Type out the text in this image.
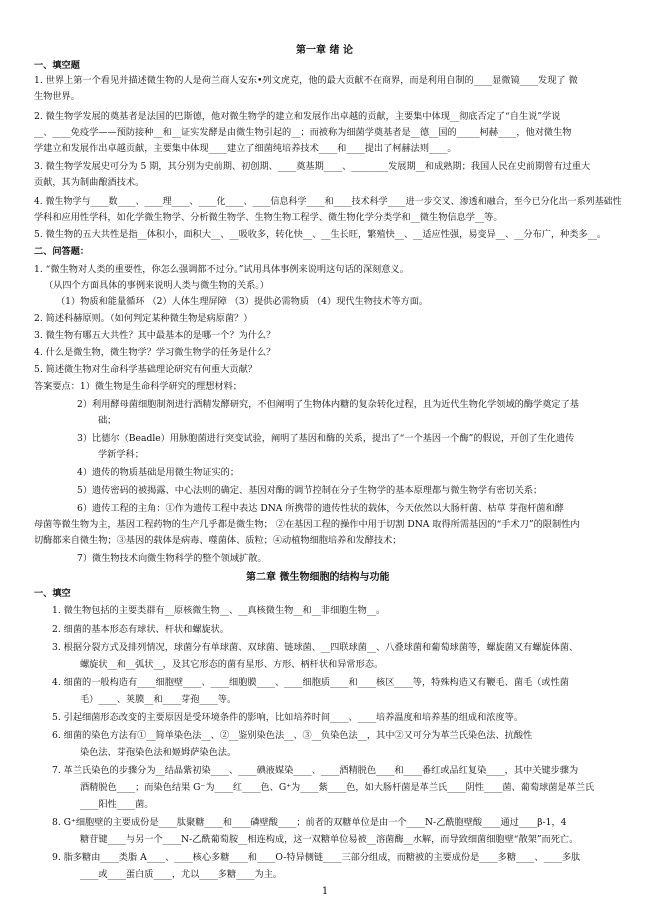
第一章 绪 论
一、填空题
1. 世界上第一个看见并描述微生物的人是荷兰商人安东•列文虎克，他的最大贡献不在商界，而是利用自制的____显微镜____发现了 微
生物世界。
2. 微生物学发展的奠基者是法国的巴斯德，他对微生物学的建立和发展作出卓越的贡献，主要集中体现__彻底否定了“自生说”学说
__、____免疫学——预防接种__和__证实发酵是由微生物引起的__；而被称为细菌学奠基者是__德__国的_____柯赫____，他对微生物
学建立和发展作出卓越贡献，主要集中体现____建立了细菌纯培养技术____和____提出了柯赫法则____。
3. 微生物学发展史可分为 5 期，其分别为史前期、初创期、____奠基期____、________发展期__和成熟期；我国人民在史前期曾有过重大
贡献，其为制曲酿酒技术。
4. 微生物学与____数____、____理____、____化____、____信息科学____和____技术科学____进一步交叉、渗透和融合，至今已分化出一系列基础性
学科和应用性学科，如化学微生物学、分析微生物学、生物生物工程学、微生物化学分类学和__微生物信息学__等。
5. 微生物的五大共性是指__体积小，面积大__、__吸收多，转化快__、__生长旺，繁殖快__、__适应性强，易变异__、__分布广，种类多__。
二、问答题：
1. “微生物对人类的重要性，你怎么强调都不过分。”试用具体事例来说明这句话的深刻意义。
（从四个方面具体的事例来说明人类与微生物的关系。）
（1）物质和能量循环 （2）人体生理屏障 （3）提供必需物质 （4）现代生物技术等方面。
2. 简述科赫原则。（如何判定某种微生物是病原菌？）
3. 微生物有哪五大共性？其中最基本的是哪一个？为什么？
4. 什么是微生物，微生物学？学习微生物学的任务是什么？
5. 简述微生物对生命科学基础理论研究有何重大贡献？
答案要点：1）微生物是生命科学研究的理想材料；
2）利用酵母菌细胞制剂进行酒精发酵研究，不但阐明了生物体内糖的复杂转化过程，且为近代生物化学领域的酶学奠定了基
础；
3）比德尔（Beadle）用脉胞菌进行突变试验，阐明了基因和酶的关系，提出了“一个基因一个酶”的假说，开创了生化遗传
学新学科；
4）遗传的物质基础是用微生物证实的；
5）遗传密码的被揭露、中心法则的确定、基因对酶的调节控制在分子生物学的基本原理都与微生物学有密切关系；
6）遗传工程的主角：①作为遗传工程中表达 DNA 所携带的遗传性状的载体，今天依然以大肠杆菌、枯草 芽孢杆菌和酵
母菌等微生物为主，基因工程药物的生产几乎都是微生物； ②在基因工程的操作中用于切割 DNA 取得所需基因的“手术刀”的限制性内
切酶都来自微生物；③基因的载体是病毒、噬菌体、质粒；④动植物细胞培养和发酵技术；
7）微生物技术向微生物科学的整个领域扩散。
第二章 微生物细胞的结构与功能
一、填空
1. 微生物包括的主要类群有__原核微生物__、__真核微生物__和__非细胞生物__。
2. 细菌的基本形态有球状、杆状和螺旋状。
3. 根据分裂方式及排列情况，球菌分有单球菌、双球菌、链球菌、__四联球菌__、八叠球菌和葡萄球菌等，螺旋菌又有螺旋体菌、
螺旋状__和__弧状__，及其它形态的菌有星形、方形、柄杆状和异常形态。
4. 细菌的一般构造有____细胞壁____、____细胞膜____、____细胞质____和____核区____等，特殊构造又有鞭毛、菌毛（或性菌
毛）____、荚膜__和____芽孢____等。
5. 引起细菌形态改变的主要原因是受环境条件的影响，比如培养时间____、____培养温度和培养基的组成和浓度等。
6. 细菌的染色方法有①__简单染色法__、②__鉴别染色法__、③__负染色法__，其中②又可分为革兰氏染色法、抗酸性
染色法、芽孢染色法和姬姆萨染色法。
7. 革兰氏染色的步骤分为__结晶紫初染____、____碘液媒染____、____酒精脱色____和____番红或品红复染____，其中关键步骤为
酒精脱色____；而染色结果 G⁻为____红____色、G⁺为____紫____色，如大肠杆菌是革兰氏____阴性____菌、葡萄球菌是革兰氏
____阳性____菌。
8. G⁺细胞壁的主要成份是____肽聚糖____和____磷壁酸____；前者的双糖单位是由一个____N-乙酰胞壁酸____通过____β-1，4
糖苷键____与另一个____N-乙酰葡萄胺__相连构成，这一双糖单位易被__溶菌酶__水解，而导致细菌细胞壁“散架”而死亡。
9. 脂多糖由____类脂 A____、____核心多糖____和____O-特异侧链____三部分组成，而糖被的主要成份是____多糖____、____多肽
____或____蛋白质____，尤以____多糖____为主。
1
